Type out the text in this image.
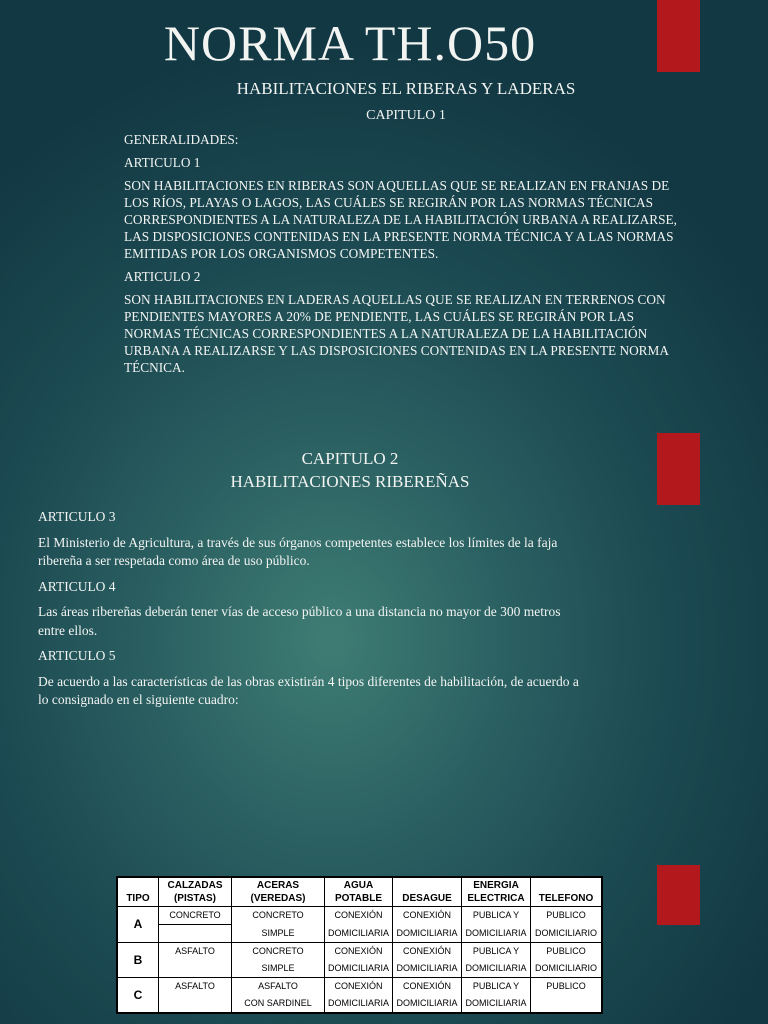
NORMA TH.O50
HABILITACIONES EL RIBERAS Y LADERAS
CAPITULO 1

GENERALIDADES:

ARTICULO 1

SON HABILITACIONES EN RIBERAS SON AQUELLAS QUE SE REALIZAN EN FRANJAS DE LOS RÍOS, PLAYAS O LAGOS, LAS CUÁLES SE REGIRÁN POR LAS NORMAS TÉCNICAS CORRESPONDIENTES A LA NATURALEZA DE LA HABILITACIÓN URBANA A REALIZARSE, LAS DISPOSICIONES CONTENIDAS EN LA PRESENTE NORMA TÉCNICA Y A LAS NORMAS EMITIDAS POR LOS ORGANISMOS COMPETENTES.

ARTICULO 2

SON HABILITACIONES EN LADERAS AQUELLAS QUE SE REALIZAN EN TERRENOS CON PENDIENTES MAYORES A 20% DE PENDIENTE, LAS CUÁLES SE REGIRÁN POR LAS NORMAS TÉCNICAS CORRESPONDIENTES A LA NATURALEZA DE LA HABILITACIÓN URBANA A REALIZARSE Y LAS DISPOSICIONES CONTENIDAS EN LA PRESENTE NORMA TÉCNICA.

CAPITULO 2
HABILITACIONES RIBEREÑAS

ARTICULO 3

El Ministerio de Agricultura, a través de sus órganos competentes establece los límites de la faja ribereña a ser respetada como área de uso público.

ARTICULO 4

Las áreas ribereñas deberán tener vías de acceso público a una distancia no mayor de 300 metros entre ellos.

ARTICULO 5

De acuerdo a las características de las obras existirán 4 tipos diferentes de habilitación, de acuerdo a lo consignado en el siguiente cuadro:

TIPO	CALZADAS (PISTAS)	ACERAS (VEREDAS)	AGUA POTABLE	DESAGUE	ENERGIA ELECTRICA	TELEFONO
A	CONCRETO	CONCRETO	CONEXIÓN	CONEXIÓN	PUBLICA Y	PUBLICO
		SIMPLE	DOMICILIARIA	DOMICILIARIA	DOMICILIARIA	DOMICILIARIO
B	ASFALTO	CONCRETO	CONEXIÓN	CONEXIÓN	PUBLICA Y	PUBLICO
		SIMPLE	DOMICILIARIA	DOMICILIARIA	DOMICILIARIA	DOMICILIARIO
C	ASFALTO	ASFALTO	CONEXIÓN	CONEXIÓN	PUBLICA Y	PUBLICO
		CON SARDINEL	DOMICILIARIA	DOMICILIARIA	DOMICILIARIA	
